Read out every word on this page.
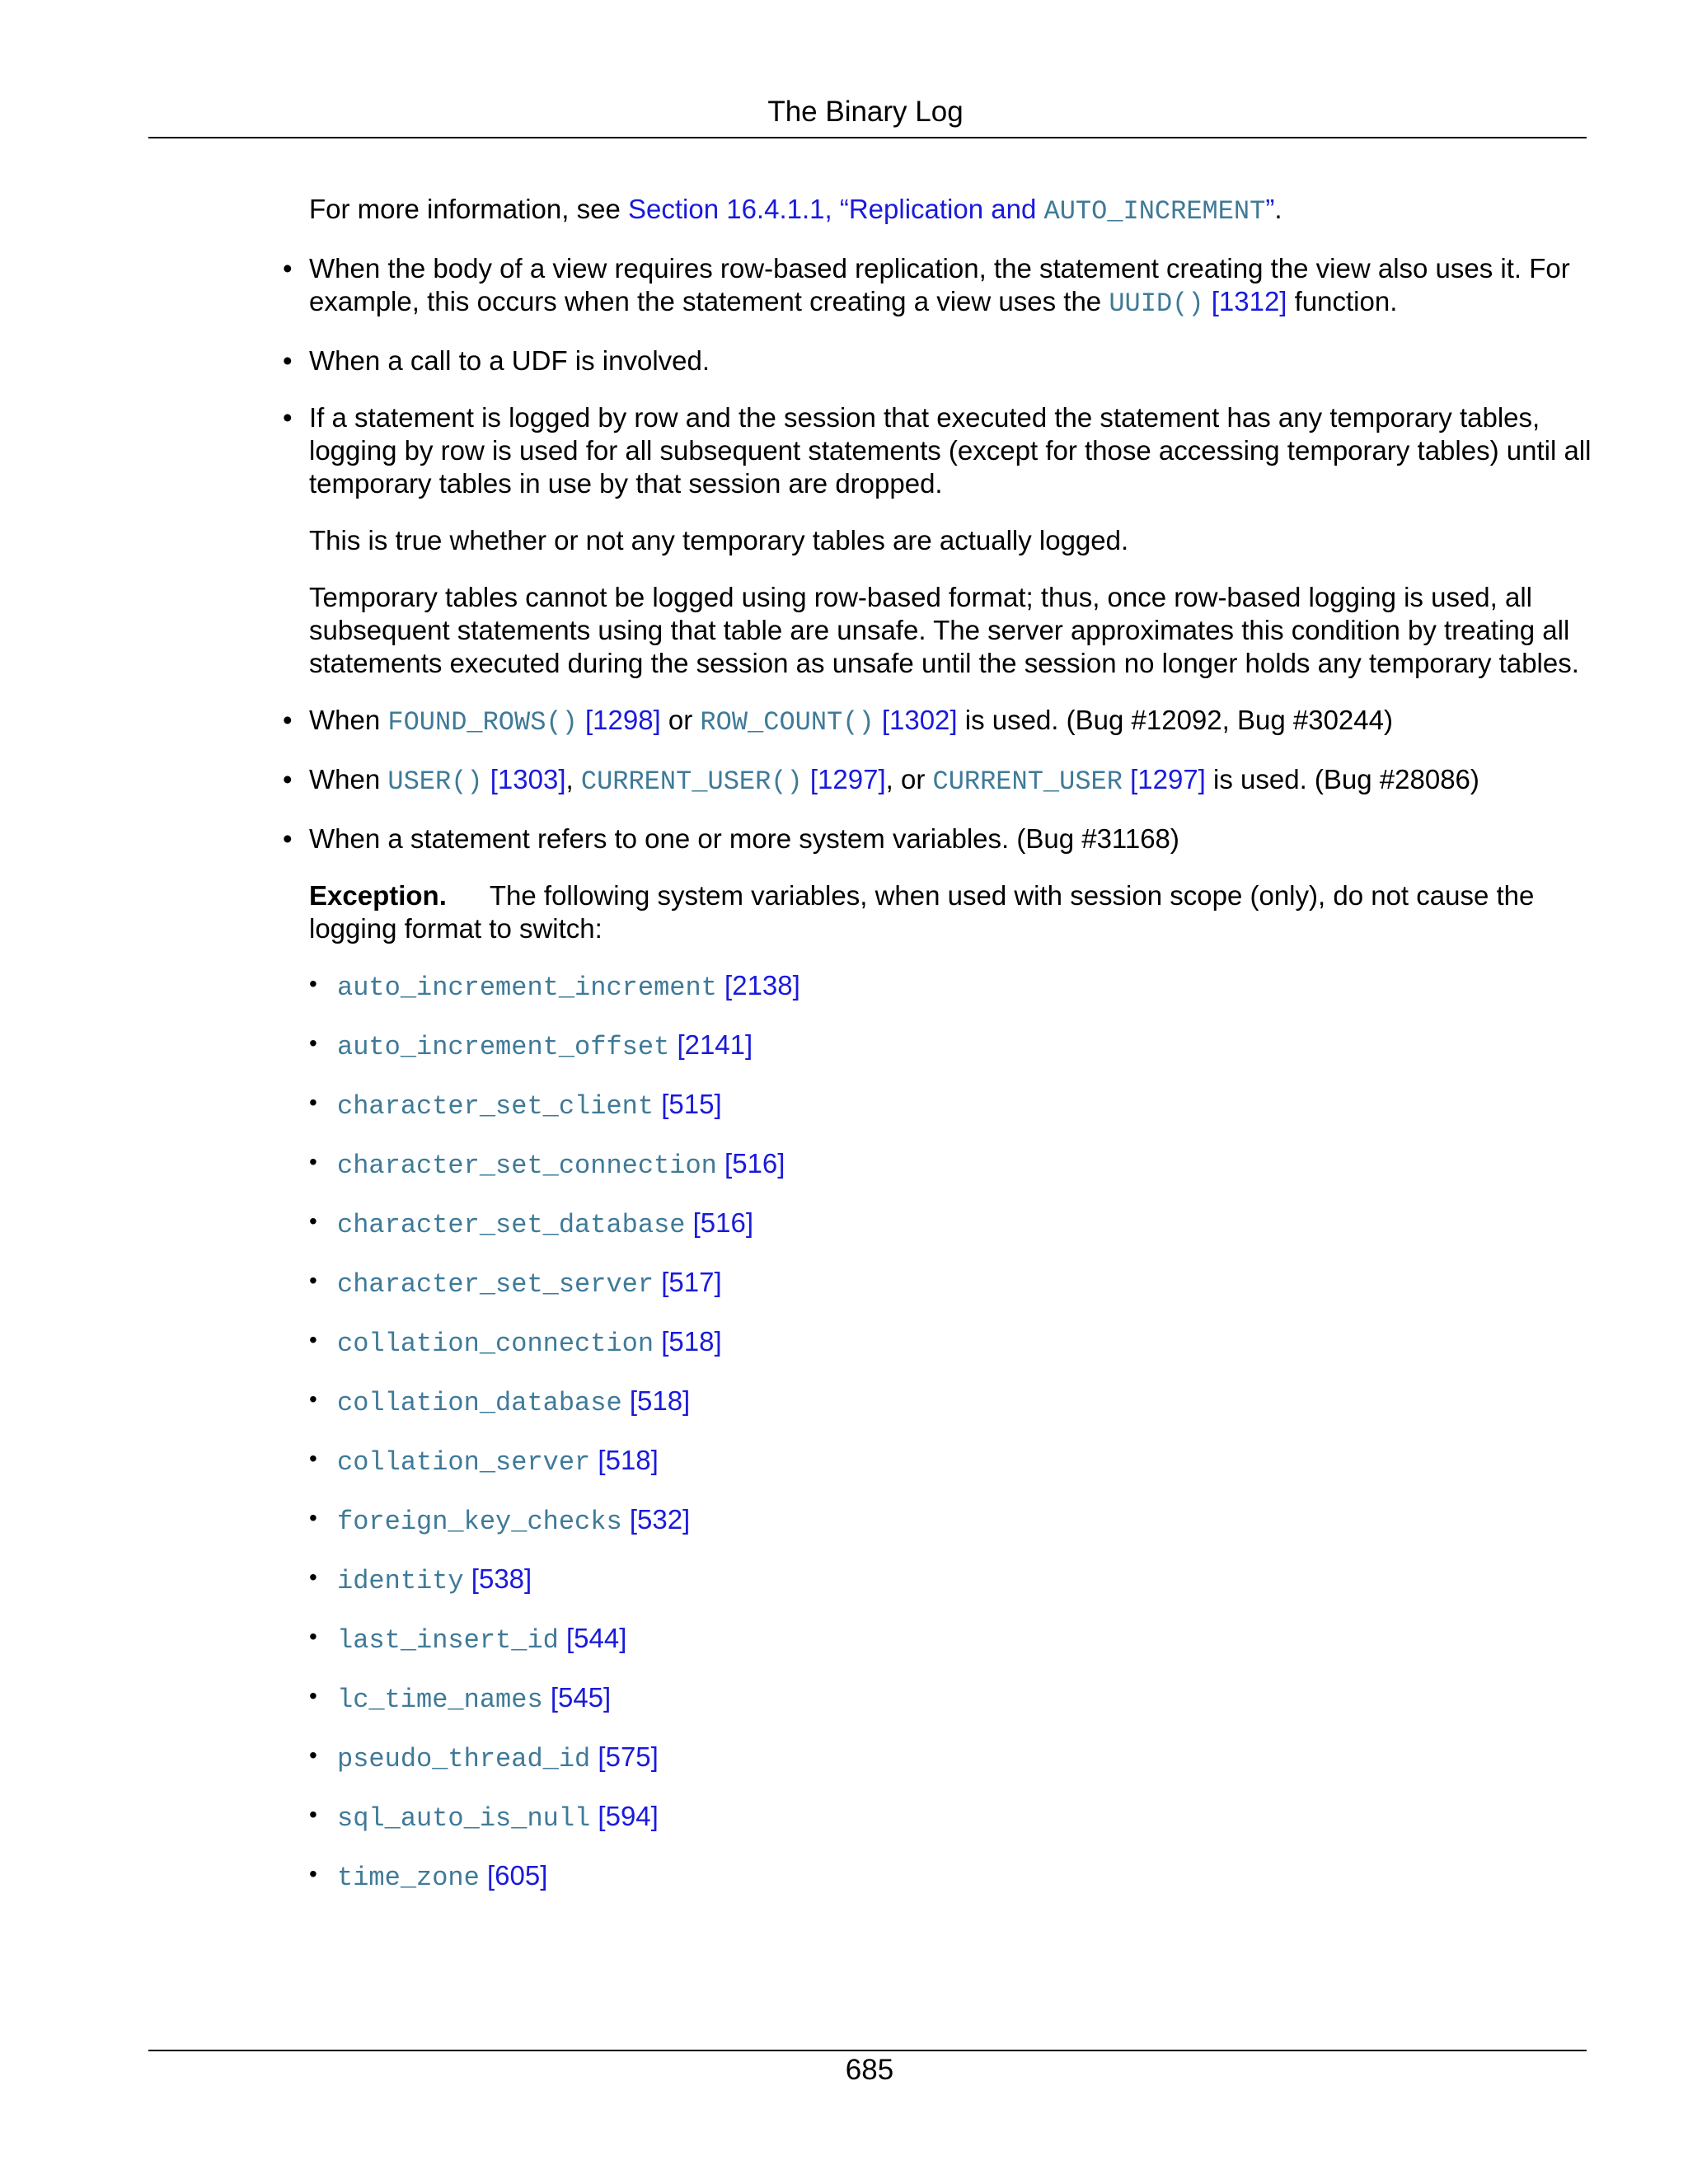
The Binary Log

For more information, see Section 16.4.1.1, “Replication and AUTO_INCREMENT”.

• When the body of a view requires row-based replication, the statement creating the view also uses it. For example, this occurs when the statement creating a view uses the UUID() [1312] function.
• When a call to a UDF is involved.

• If a statement is logged by row and the session that executed the statement has any temporary tables, logging by row is used for all subsequent statements (except for those accessing temporary tables) until all temporary tables in use by that session are dropped.

This is true whether or not any temporary tables are actually logged.

Temporary tables cannot be logged using row-based format; thus, once row-based logging is used, all subsequent statements using that table are unsafe. The server approximates this condition by treating all statements executed during the session as unsafe until the session no longer holds any temporary tables.

• When FOUND_ROWS() [1298] or ROW_COUNT() [1302] is used. (Bug #12092, Bug #30244)
• When USER() [1303], CURRENT_USER() [1297], or CURRENT_USER [1297] is used. (Bug #28086)

• When a statement refers to one or more system variables. (Bug #31168)

Exception. The following system variables, when used with session scope (only), do not cause the logging format to switch:

• auto_increment_increment [2138]
• auto_increment_offset [2141]
• character_set_client [515]
• character_set_connection [516]
• character_set_database [516]
• character_set_server [517]
• collation_connection [518]
• collation_database [518]
• collation_server [518]
• foreign_key_checks [532]
• identity [538]
• last_insert_id [544]
• lc_time_names [545]
• pseudo_thread_id [575]
• sql_auto_is_null [594]
• time_zone [605]
685
